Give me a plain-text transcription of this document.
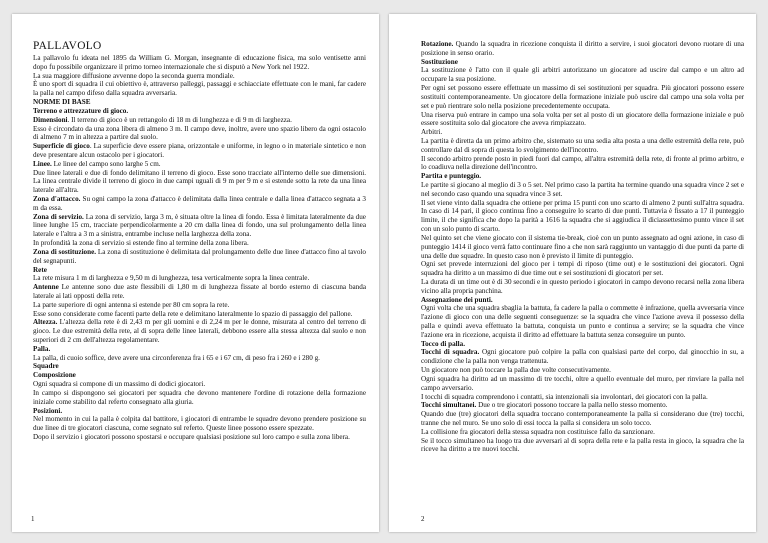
PALLAVOLO

La pallavolo fu ideata nel 1895 da William G. Morgan, insegnante di educazione fisica, ma solo ventisette anni dopo fu possibile organizzare il primo torneo internazionale che si disputò a New York nel 1922.

La sua maggiore diffusione avvenne dopo la seconda guerra mondiale.

È uno sport di squadra il cui obiettivo è, attraverso palleggi, passaggi e schiacciate effettuate con le mani, far cadere la palla nel campo difeso dalla squadra avversaria.

NORME DI BASE

Terreno e attrezzature di gioco.

Dimensioni. Il terreno di gioco è un rettangolo di 18 m di lunghezza e di 9 m di larghezza.

Esso è circondato da una zona libera di almeno 3 m. Il campo deve, inoltre, avere uno spazio libero da ogni ostacolo di almeno 7 m in altezza a partire dal suolo.

Superficie di gioco. La superficie deve essere piana, orizzontale e uniforme, in legno o in materiale sintetico e non deve presentare alcun ostacolo per i giocatori.

Linee. Le linee del campo sono larghe 5 cm.

Due linee laterali e due di fondo delimitano il terreno di gioco. Esse sono tracciate all'interno delle sue dimensioni. La linea centrale divide il terreno di gioco in due campi uguali di 9 m per 9 m e si estende sotto la rete da una linea laterale all'altra.

Zona d'attacco. Su ogni campo la zona d'attacco è delimitata dalla linea centrale e dalla linea d'attacco segnata a 3 m da essa.

Zona di servizio. La zona di servizio, larga 3 m, è situata oltre la linea di fondo. Essa è limitata lateralmente da due linee lunghe 15 cm, tracciate perpendicolarmente a 20 cm dalla linea di fondo, una sul prolungamento della linea laterale e l'altra a 3 m a sinistra, entrambe incluse nella larghezza della zona.

In profondità la zona di servizio si estende fino al termine della zona libera.

Zona di sostituzione. La zona di sostituzione è delimitata dal prolungamento delle due linee d'attacco fino al tavolo del segnapunti.

Rete

La rete misura 1 m di larghezza e 9,50 m di lunghezza, tesa verticalmente sopra la linea centrale.

Antenne Le antenne sono due aste flessibili di 1,80 m di lunghezza fissate al bordo esterno di ciascuna banda laterale ai lati opposti della rete.

La parte superiore di ogni antenna si estende per 80 cm sopra la rete.

Esse sono considerate come facenti parte della rete e delimitano lateralmente lo spazio di passaggio del pallone.

Altezza. L'altezza della rete è di 2,43 m per gli uomini e di 2,24 m per le donne, misurata al centro del terreno di gioco. Le due estremità della rete, al di sopra delle linee laterali, debbono essere alla stessa altezza dal suolo e non superiori di 2 cm dell'altezza regolamentare.

Palla.

La palla, di cuoio soffice, deve avere una circonferenza fra i 65 e i 67 cm, di peso fra i 260 e i 280 g.

Squadre

Composizione

Ogni squadra si compone di un massimo di dodici giocatori.

In campo si dispongono sei giocatori per squadra che devono mantenere l'ordine di rotazione della formazione iniziale come stabilito dal referto consegnato alla giuria.

Posizioni.

Nel momento in cui la palla è colpita dal battitore, i giocatori di entrambe le squadre devono prendere posizione su due linee di tre giocatori ciascuna, come segnato sul referto. Queste linee possono essere spezzate.

Dopo il servizio i giocatori possono spostarsi e occupare qualsiasi posizione sul loro campo e sulla zona libera.

1

Rotazione. Quando la squadra in ricezione conquista il diritto a servire, i suoi giocatori devono ruotare di una posizione in senso orario.

Sostituzione

La sostituzione è l'atto con il quale gli arbitri autorizzano un giocatore ad uscire dal campo e un altro ad occupare la sua posizione.

Per ogni set possono essere effettuate un massimo di sei sostituzioni per squadra. Più giocatori possono essere sostituiti contemporaneamente. Un giocatore della formazione iniziale può uscire dal campo una sola volta per set e può rientrare solo nella posizione precedentemente occupata.

Una riserva può entrare in campo una sola volta per set al posto di un giocatore della formazione iniziale e può essere sostituita solo dal giocatore che aveva rimpiazzato.

Arbitri.

La partita è diretta da un primo arbitro che, sistemato su una sedia alta posta a una delle estremità della rete, può controllare dal di sopra di questa lo svolgimento dell'incontro.

Il secondo arbitro prende posto in piedi fuori dal campo, all'altra estremità della rete, di fronte al primo arbitro, e lo coadiuva nella direzione dell'incontro.

Partita e punteggio.

Le partite si giocano al meglio di 3 o 5 set. Nel primo caso la partita ha termine quando una squadra vince 2 set e nel secondo caso quando una squadra vince 3 set.

Il set viene vinto dalla squadra che ottiene per prima 15 punti con uno scarto di almeno 2 punti sull'altra squadra. In caso di 14 pari, il gioco continua fino a conseguire lo scarto di due punti. Tuttavia è fissato a 17 il punteggio limite, il che significa che dopo la parità a 1616 la squadra che si aggiudica il diciassettesimo punto vince il set con un solo punto di scarto.

Nel quinto set che viene giocato con il sistema tie-break, cioè con un punto assegnato ad ogni azione, in caso di punteggio 1414 il gioco verrà fatto continuare fino a che non sarà raggiunto un vantaggio di due punti da parte di una delle due squadre. In questo caso non è previsto il limite di punteggio.

Ogni set prevede interruzioni del gioco per i tempi di riposo (time out) e le sostituzioni dei giocatori. Ogni squadra ha diritto a un massimo di due time out e sei sostituzioni di giocatori per set.

La durata di un time out è di 30 secondi e in questo periodo i giocatori in campo devono recarsi nella zona libera vicino alla propria panchina.

Assegnazione dei punti.

Ogni volta che una squadra sbaglia la battuta, fa cadere la palla o commette è infrazione, quella avversaria vince l'azione di gioco con una delle seguenti conseguenze: se la squadra che vince l'azione aveva il possesso della palla e quindi aveva effettuato la battuta, conquista un punto e continua a servire; se la squadra che vince l'azione era in ricezione, acquista il diritto ad effettuare la battuta senza conseguire un punto.

Tocco di palla.

Tocchi di squadra. Ogni giocatore può colpire la palla con qualsiasi parte del corpo, dal ginocchio in su, a condizione che la palla non venga trattenuta.

Un giocatore non può toccare la palla due volte consecutivamente.

Ogni squadra ha diritto ad un massimo di tre tocchi, oltre a quello eventuale del muro, per rinviare la palla nel campo avversario.

I tocchi di squadra comprendono i contatti, sia intenzionali sia involontari, dei giocatori con la palla.

Tocchi simultanei. Due o tre giocatori possono toccare la palla nello stesso momento.

Quando due (tre) giocatori della squadra toccano contemporaneamente la palla si considerano due (tre) tocchi, tranne che nel muro. Se uno solo di essi tocca la palla si considera un solo tocco.

La collisione fra giocatori della stessa squadra non costituisce fallo da sanzionare.

Se il tocco simultaneo ha luogo tra due avversari al di sopra della rete e la palla resta in gioco, la squadra che la riceve ha diritto a tre nuovi tocchi.

2
